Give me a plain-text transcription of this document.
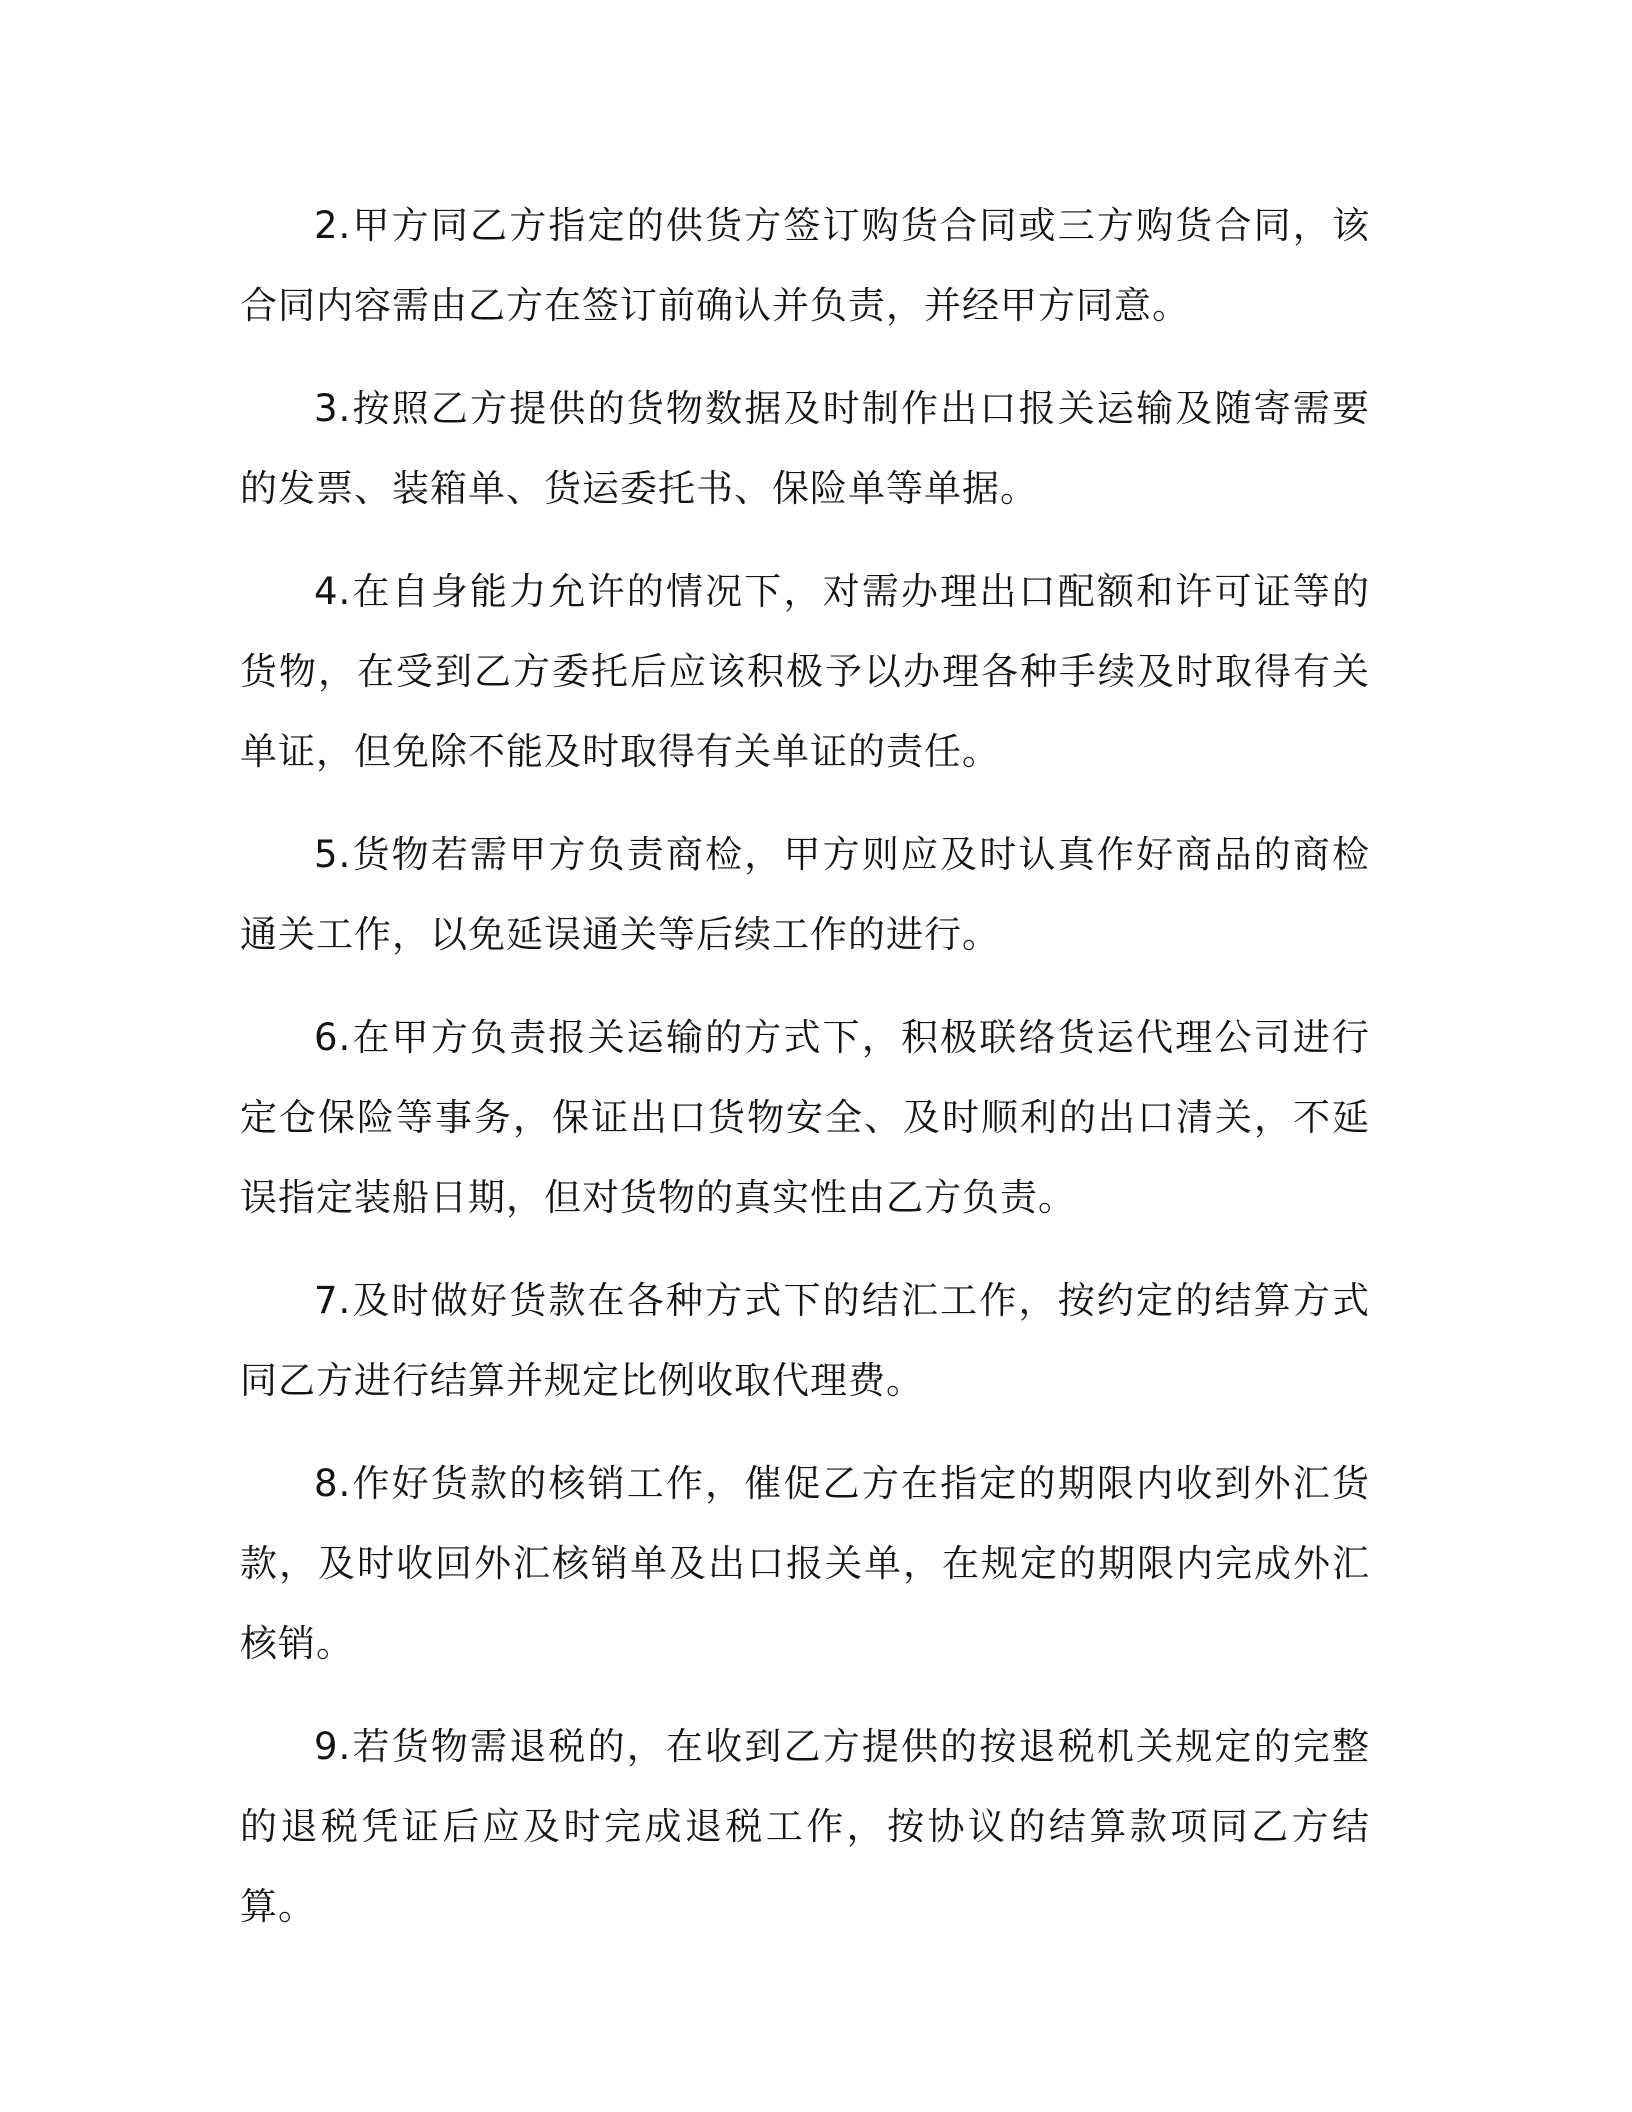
2.甲方同乙方指定的供货方签订购货合同或三方购货合同，该合同内容需由乙方在签订前确认并负责，并经甲方同意。

3.按照乙方提供的货物数据及时制作出口报关运输及随寄需要的发票、装箱单、货运委托书、保险单等单据。

4.在自身能力允许的情况下，对需办理出口配额和许可证等的货物，在受到乙方委托后应该积极予以办理各种手续及时取得有关单证，但免除不能及时取得有关单证的责任。

5.货物若需甲方负责商检，甲方则应及时认真作好商品的商检通关工作，以免延误通关等后续工作的进行。

6.在甲方负责报关运输的方式下，积极联络货运代理公司进行定仓保险等事务，保证出口货物安全、及时顺利的出口清关，不延误指定装船日期，但对货物的真实性由乙方负责。

7.及时做好货款在各种方式下的结汇工作，按约定的结算方式同乙方进行结算并规定比例收取代理费。

8.作好货款的核销工作，催促乙方在指定的期限内收到外汇货款，及时收回外汇核销单及出口报关单，在规定的期限内完成外汇核销。

9.若货物需退税的，在收到乙方提供的按退税机关规定的完整的退税凭证后应及时完成退税工作，按协议的结算款项同乙方结算。
